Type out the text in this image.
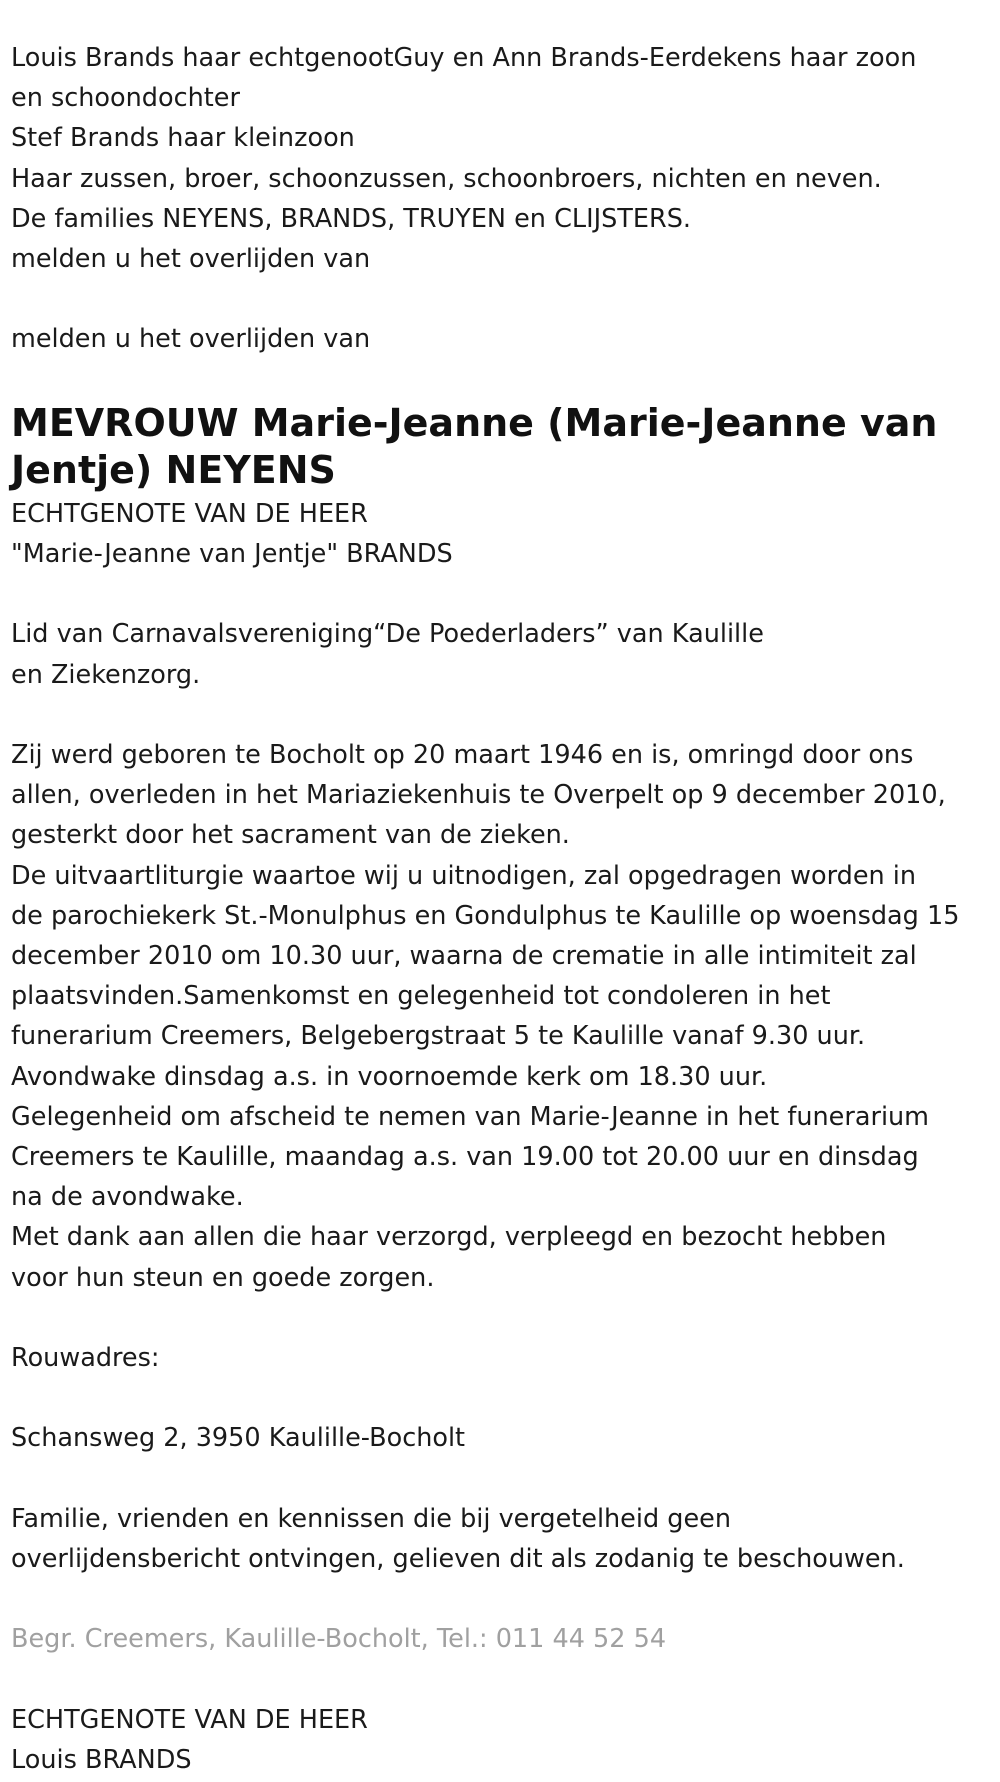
Louis Brands haar echtgenootGuy en Ann Brands-Eerdekens haar zoon

en schoondochter

Stef Brands haar kleinzoon

Haar zussen, broer, schoonzussen, schoonbroers, nichten en neven.

De families NEYENS, BRANDS, TRUYEN en CLIJSTERS.

melden u het overlijden van

melden u het overlijden van

MEVROUW Marie-Jeanne (Marie-Jeanne van
Jentje) NEYENS

ECHTGENOTE VAN DE HEER

"Marie-Jeanne van Jentje" BRANDS

Lid van Carnavalsvereniging“De Poederladers” van Kaulille

en Ziekenzorg.

Zij werd geboren te Bocholt op 20 maart 1946 en is, omringd door ons

allen, overleden in het Mariaziekenhuis te Overpelt op 9 december 2010,

gesterkt door het sacrament van de zieken.

De uitvaartliturgie waartoe wij u uitnodigen, zal opgedragen worden in

de parochiekerk St.-Monulphus en Gondulphus te Kaulille op woensdag 15

december 2010 om 10.30 uur, waarna de crematie in alle intimiteit zal

plaatsvinden.Samenkomst en gelegenheid tot condoleren in het

funerarium Creemers, Belgebergstraat 5 te Kaulille vanaf 9.30 uur.

Avondwake dinsdag a.s. in voornoemde kerk om 18.30 uur.

Gelegenheid om afscheid te nemen van Marie-Jeanne in het funerarium

Creemers te Kaulille, maandag a.s. van 19.00 tot 20.00 uur en dinsdag

na de avondwake.

Met dank aan allen die haar verzorgd, verpleegd en bezocht hebben

voor hun steun en goede zorgen.

Rouwadres:

Schansweg 2, 3950 Kaulille-Bocholt

Familie, vrienden en kennissen die bij vergetelheid geen

overlijdensbericht ontvingen, gelieven dit als zodanig te beschouwen.

Begr. Creemers, Kaulille-Bocholt, Tel.: 011 44 52 54

ECHTGENOTE VAN DE HEER

Louis BRANDS
